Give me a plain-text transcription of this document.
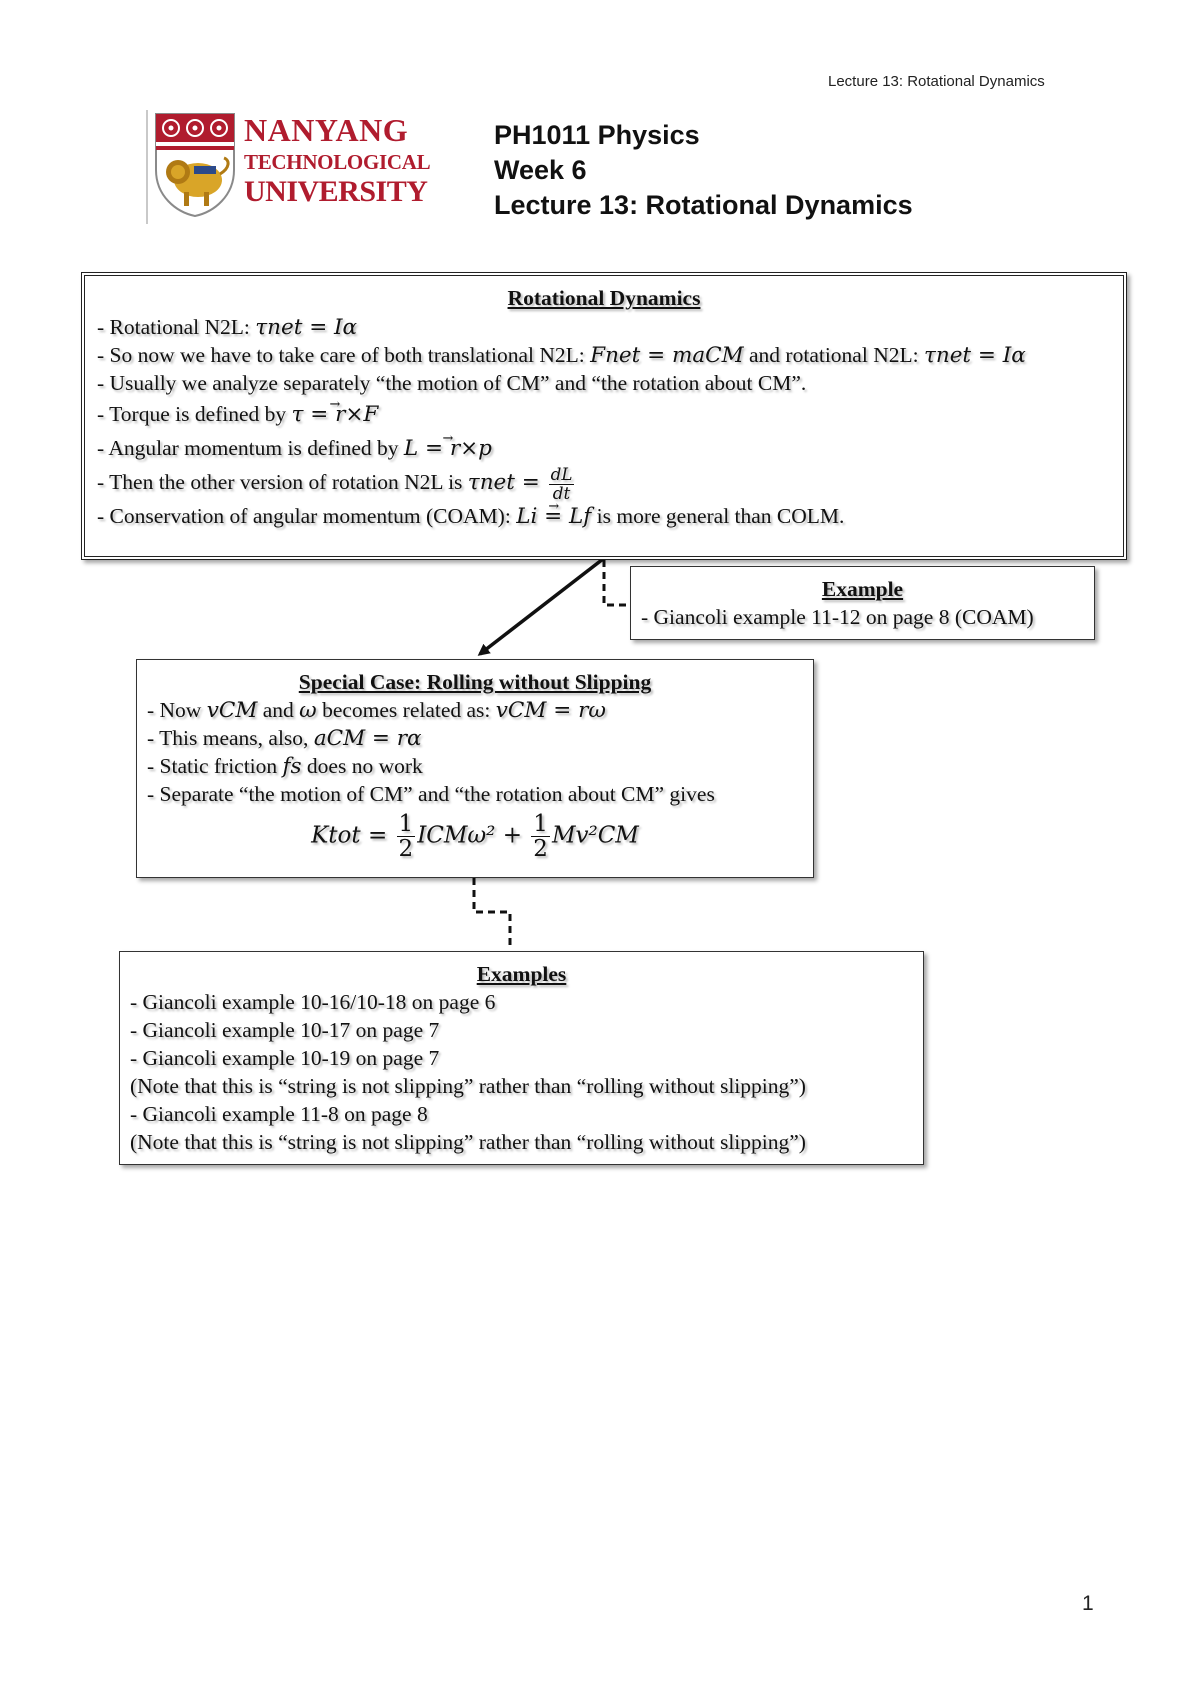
Lecture 13: Rotational Dynamics
NANYANG
TECHNOLOGICAL
UNIVERSITY
PH1011 Physics
Week 6
Lecture 13: Rotational Dynamics
Rotational Dynamics
- Rotational N2L: τnet = Iα
- So now we have to take care of both translational N2L: Fnet = maCM and rotational N2L: τnet = Iα
- Usually we analyze separately “the motion of CM” and “the rotation about CM”.
- Torque is defined by → τ = r×F
- Angular momentum is defined by → L = r×p
- Then the other version of rotation N2L is $\tau net = \frac{dL}{dt}$
- Conservation of angular momentum (COAM): → Li = Lf is more general than COLM.
Example
- Giancoli example 11-12 on page 8 (COAM)
Special Case: Rolling without Slipping
- Now vCM and ω becomes related as: vCM = rω
- This means, also, aCM = rα
- Static friction fs does no work
- Separate “the motion of CM” and “the rotation about CM” gives
Ktot = $\frac{1}{2} ICM\omega^2 + \frac{1}{2} Mv^2CM$
Examples
- Giancoli example 10-16/10-18 on page 6
- Giancoli example 10-17 on page 7
- Giancoli example 10-19 on page 7
(Note that this is “string is not slipping” rather than “rolling without slipping”)
- Giancoli example 11-8 on page 8
(Note that this is “string is not slipping” rather than “rolling without slipping”)
1
